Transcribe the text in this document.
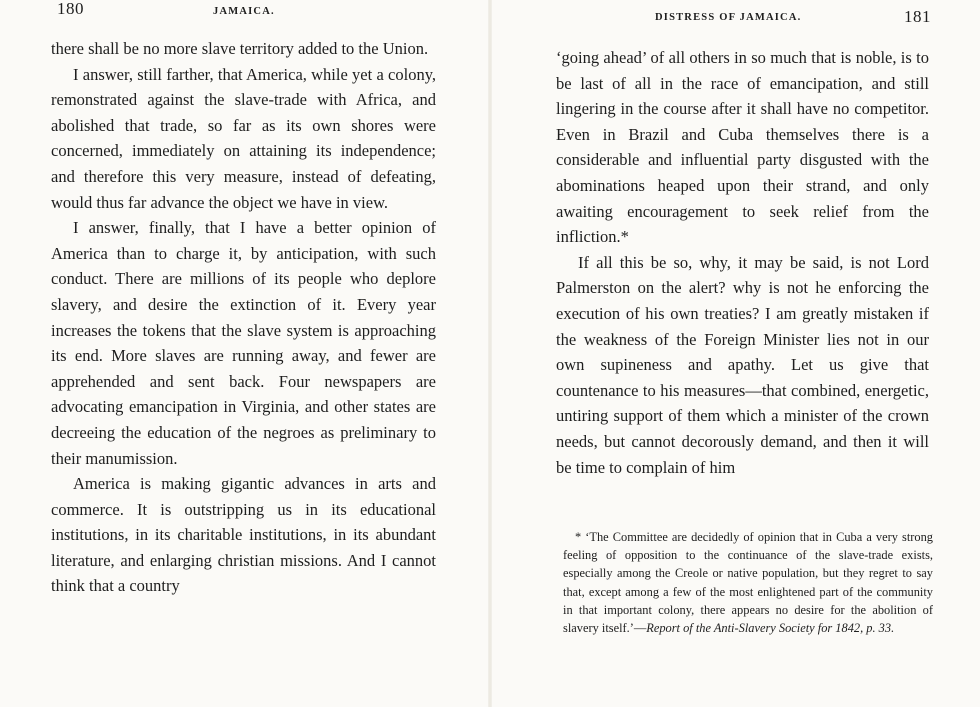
180	JAMAICA.

there shall be no more slave territory added to the Union.

I answer, still farther, that America, while yet a colony, remonstrated against the slave-trade with Africa, and abolished that trade, so far as its own shores were concerned, immediately on attaining its independence; and therefore this very measure, instead of defeating, would thus far advance the object we have in view.

I answer, finally, that I have a better opinion of America than to charge it, by anticipation, with such conduct. There are millions of its people who deplore slavery, and desire the extinction of it. Every year increases the tokens that the slave system is approaching its end. More slaves are running away, and fewer are apprehended and sent back. Four newspapers are advocating emancipation in Virginia, and other states are decreeing the education of the negroes as preliminary to their manumission.

America is making gigantic advances in arts and commerce. It is outstripping us in its educational institutions, in its charitable institutions, in its abundant literature, and enlarging christian missions. And I cannot think that a country

DISTRESS OF JAMAICA.	181

‘going ahead’ of all others in so much that is noble, is to be last of all in the race of emancipation, and still lingering in the course after it shall have no competitor. Even in Brazil and Cuba themselves there is a considerable and influential party disgusted with the abominations heaped upon their strand, and only awaiting encouragement to seek relief from the infliction.*

If all this be so, why, it may be said, is not Lord Palmerston on the alert? why is not he enforcing the execution of his own treaties? I am greatly mistaken if the weakness of the Foreign Minister lies not in our own supineness and apathy. Let us give that countenance to his measures—that combined, energetic, untiring support of them which a minister of the crown needs, but cannot decorously demand, and then it will be time to complain of him

* ‘The Committee are decidedly of opinion that in Cuba a very strong feeling of opposition to the continuance of the slave-trade exists, especially among the Creole or native population, but they regret to say that, except among a few of the most enlightened part of the community in that important colony, there appears no desire for the abolition of slavery itself.’—Report of the Anti-Slavery Society for 1842, p. 33.
